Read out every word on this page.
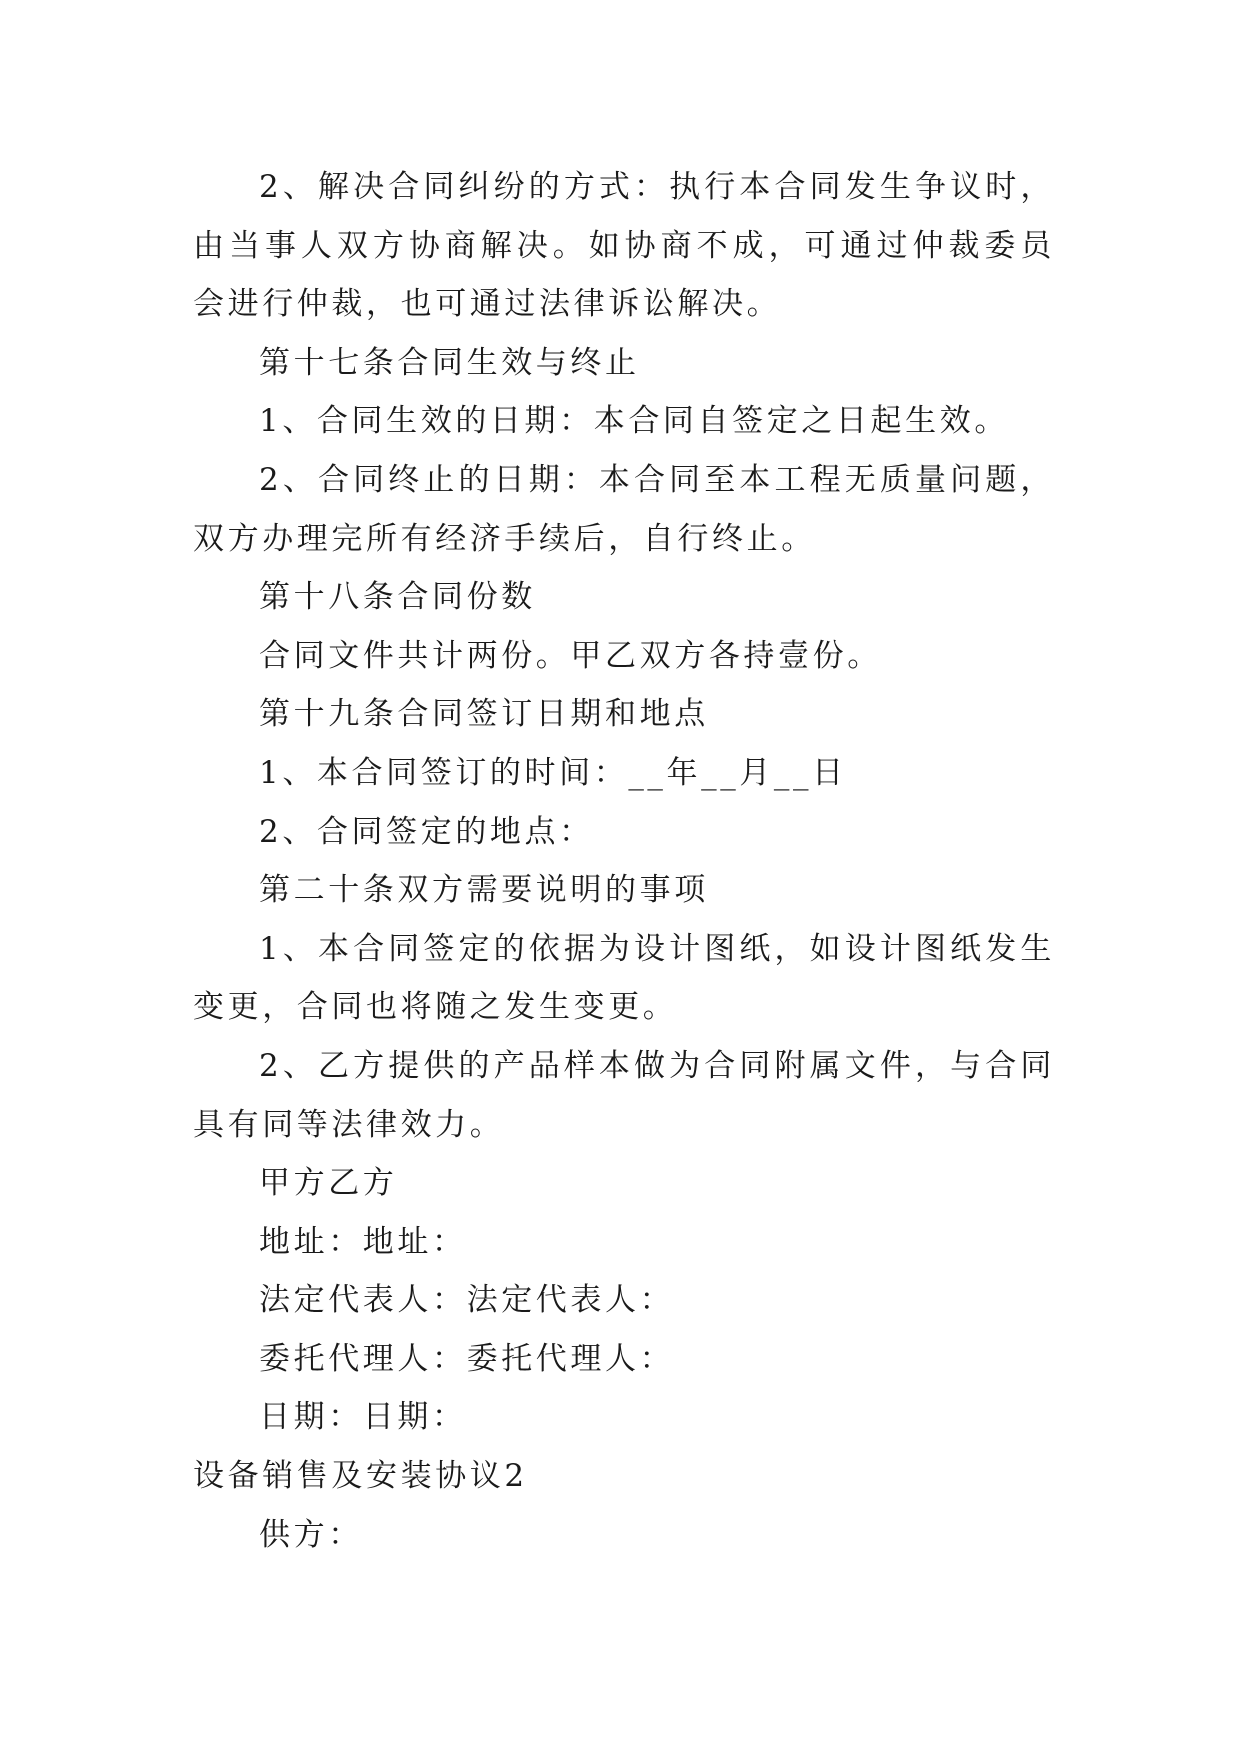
2、解决合同纠纷的方式：执行本合同发生争议时，由当事人双方协商解决。如协商不成，可通过仲裁委员会进行仲裁，也可通过法律诉讼解决。

第十七条合同生效与终止

1、合同生效的日期：本合同自签定之日起生效。

2、合同终止的日期：本合同至本工程无质量问题，双方办理完所有经济手续后，自行终止。

第十八条合同份数

合同文件共计两份。甲乙双方各持壹份。

第十九条合同签订日期和地点

1、本合同签订的时间：__年__月__日

2、合同签定的地点：

第二十条双方需要说明的事项

1、本合同签定的依据为设计图纸，如设计图纸发生变更，合同也将随之发生变更。

2、乙方提供的产品样本做为合同附属文件，与合同具有同等法律效力。

甲方乙方

地址：地址：

法定代表人：法定代表人：

委托代理人：委托代理人：

日期：日期：

设备销售及安装协议2

供方：
